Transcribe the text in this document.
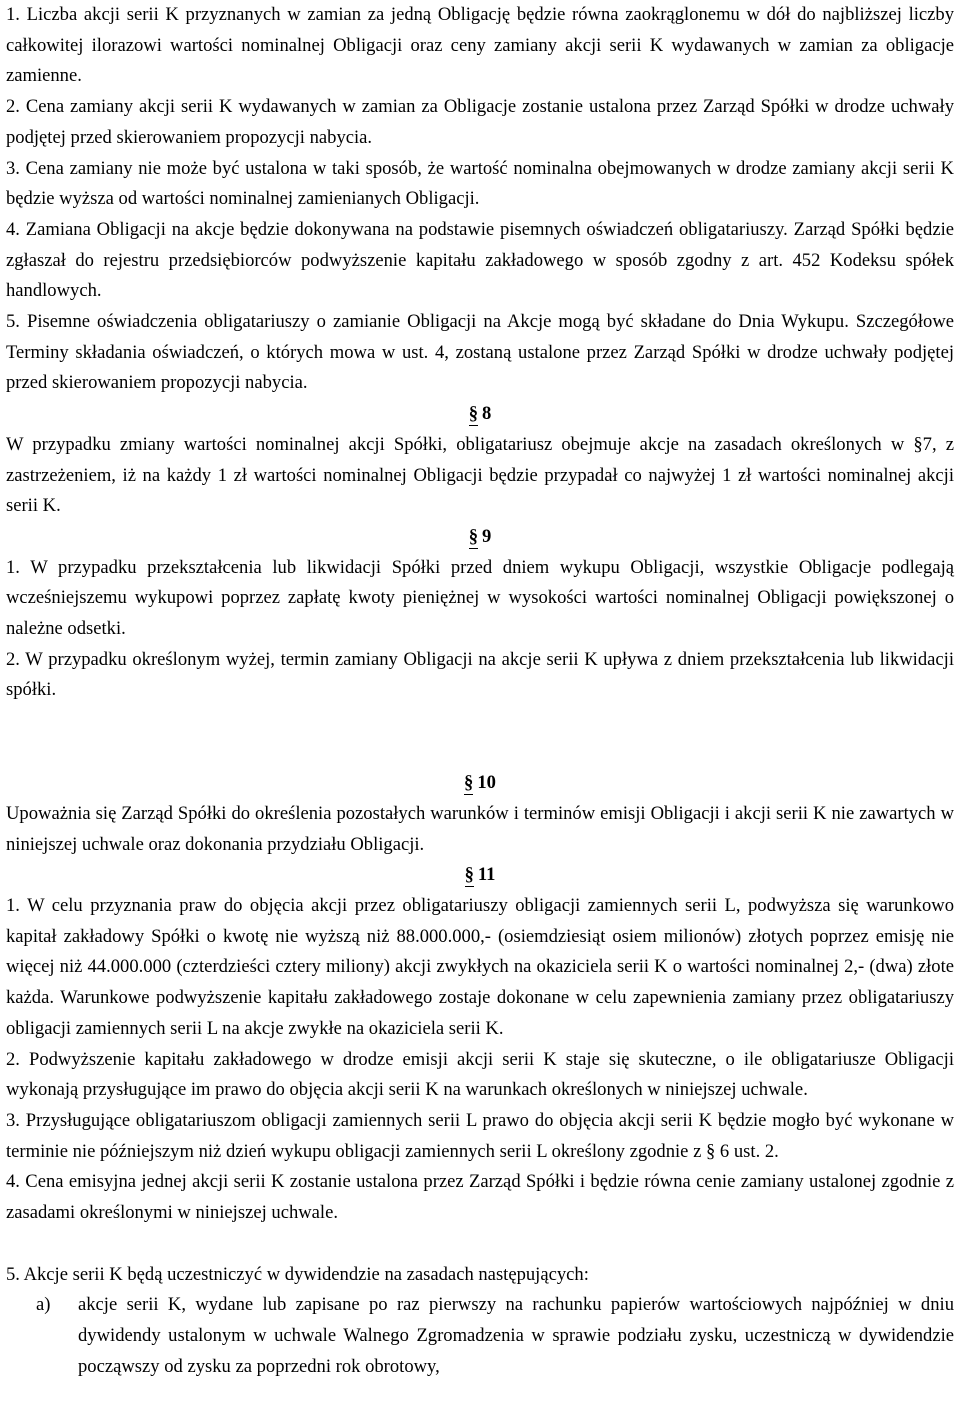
1. Liczba akcji serii K przyznanych w zamian za jedną Obligację będzie równa zaokrąglonemu w dół do najbliższej liczby całkowitej ilorazowi wartości nominalnej Obligacji oraz ceny zamiany akcji serii K wydawanych w zamian za obligacje zamienne.

2. Cena zamiany akcji serii K wydawanych w zamian za Obligacje zostanie ustalona przez Zarząd Spółki w drodze uchwały podjętej przed skierowaniem propozycji nabycia.

3. Cena zamiany nie może być ustalona w taki sposób, że wartość nominalna obejmowanych w drodze zamiany akcji serii K będzie wyższa od wartości nominalnej zamienianych Obligacji.

4. Zamiana Obligacji na akcje będzie dokonywana na podstawie pisemnych oświadczeń obligatariuszy. Zarząd Spółki będzie zgłaszał do rejestru przedsiębiorców podwyższenie kapitału zakładowego w sposób zgodny z art. 452 Kodeksu spółek handlowych.

5. Pisemne oświadczenia obligatariuszy o zamianie Obligacji na Akcje mogą być składane do Dnia Wykupu. Szczegółowe Terminy składania oświadczeń, o których mowa w ust. 4, zostaną ustalone przez Zarząd Spółki w drodze uchwały podjętej przed skierowaniem propozycji nabycia.

§ 8

W przypadku zmiany wartości nominalnej akcji Spółki, obligatariusz obejmuje akcje na zasadach określonych w §7, z zastrzeżeniem, iż na każdy 1 zł wartości nominalnej Obligacji będzie przypadał co najwyżej 1 zł wartości nominalnej akcji serii K.

§ 9

1. W przypadku przekształcenia lub likwidacji Spółki przed dniem wykupu Obligacji, wszystkie Obligacje podlegają wcześniejszemu wykupowi poprzez zapłatę kwoty pieniężnej w wysokości wartości nominalnej Obligacji powiększonej o należne odsetki.

2. W przypadku określonym wyżej, termin zamiany Obligacji na akcje serii K upływa z dniem przekształcenia lub likwidacji spółki.

§ 10

Upoważnia się Zarząd Spółki do określenia pozostałych warunków i terminów emisji Obligacji i akcji serii K nie zawartych w niniejszej uchwale oraz dokonania przydziału Obligacji.

§ 11

1. W celu przyznania praw do objęcia akcji przez obligatariuszy obligacji zamiennych serii L, podwyższa się warunkowo kapitał zakładowy Spółki o kwotę nie wyższą niż 88.000.000,- (osiemdziesiąt osiem milionów) złotych poprzez emisję nie więcej niż 44.000.000 (czterdzieści cztery miliony) akcji zwykłych na okaziciela serii K o wartości nominalnej 2,- (dwa) złote każda. Warunkowe podwyższenie kapitału zakładowego zostaje dokonane w celu zapewnienia zamiany przez obligatariuszy obligacji zamiennych serii L na akcje zwykłe na okaziciela serii K.

2. Podwyższenie kapitału zakładowego w drodze emisji akcji serii K staje się skuteczne, o ile obligatariusze Obligacji wykonają przysługujące im prawo do objęcia akcji serii K na warunkach określonych w niniejszej uchwale.

3. Przysługujące obligatariuszom obligacji zamiennych serii L prawo do objęcia akcji serii K będzie mogło być wykonane w terminie nie późniejszym niż dzień wykupu obligacji zamiennych serii L określony zgodnie z § 6 ust. 2.

4. Cena emisyjna jednej akcji serii K zostanie ustalona przez Zarząd Spółki i będzie równa cenie zamiany ustalonej zgodnie z zasadami określonymi w niniejszej uchwale.

5. Akcje serii K będą uczestniczyć w dywidendzie na zasadach następujących:

a)	akcje serii K, wydane lub zapisane po raz pierwszy na rachunku papierów wartościowych najpóźniej w dniu dywidendy ustalonym w uchwale Walnego Zgromadzenia w sprawie podziału zysku, uczestniczą w dywidendzie począwszy od zysku za poprzedni rok obrotowy,
